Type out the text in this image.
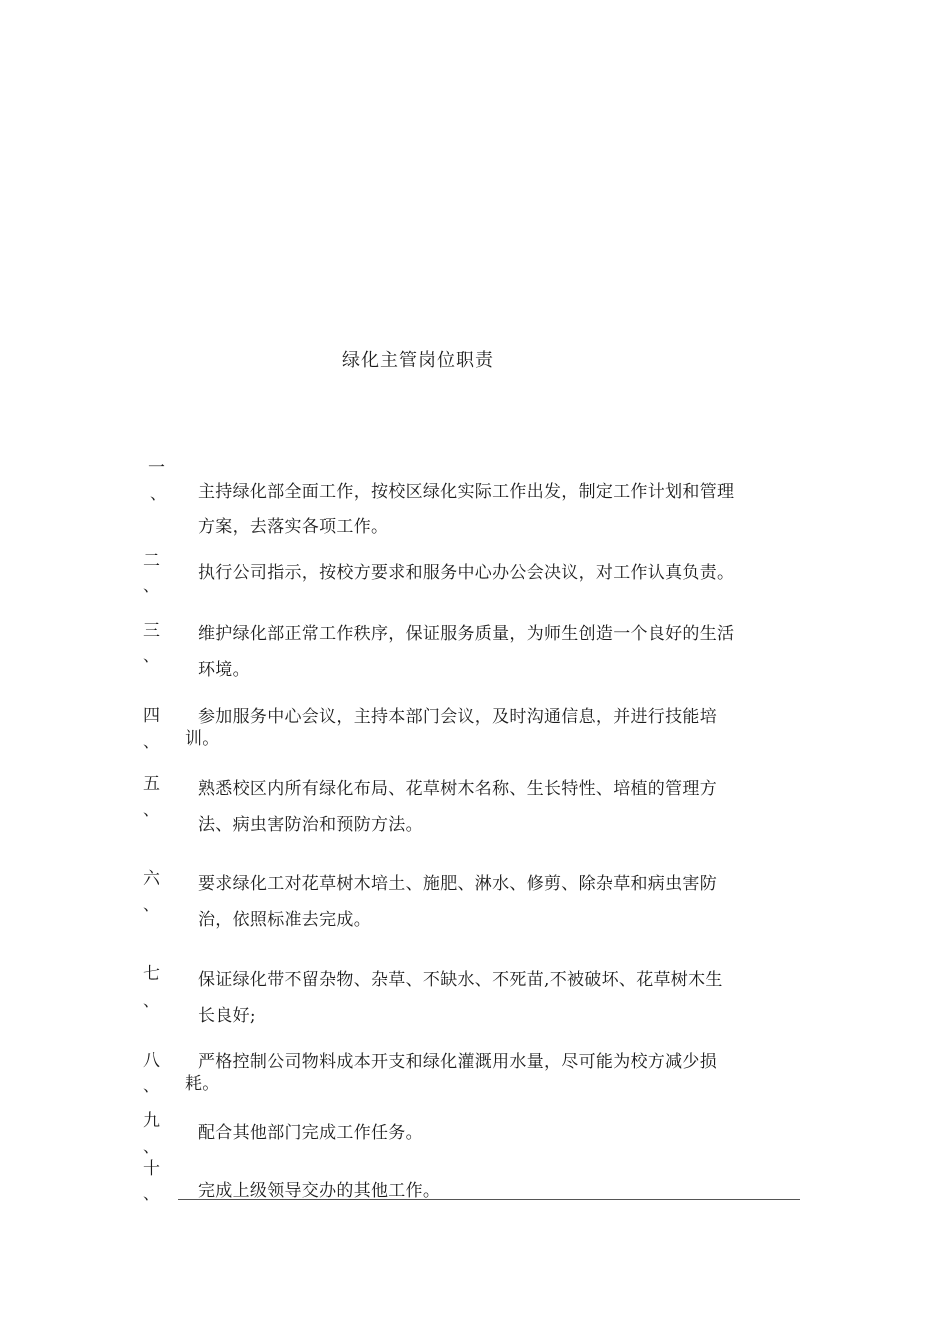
绿化主管岗位职责
一
、 主持绿化部全面工作，按校区绿化实际工作出发，制定工作计划和管理
方案，去落实各项工作。
二
、
执行公司指示，按校方要求和服务中心办公会决议，对工作认真负责。
三
、
维护绿化部正常工作秩序，保证服务质量，为师生创造一个良好的生活
环境。
四
、
参加服务中心会议，主持本部门会议，及时沟通信息，并进行技能培
训。
五
、
熟悉校区内所有绿化布局、花草树木名称、生长特性、培植的管理方
法、病虫害防治和预防方法。
六
、
要求绿化工对花草树木培土、施肥、淋水、修剪、除杂草和病虫害防
治，依照标准去完成。
七
、
保证绿化带不留杂物、杂草、不缺水、不死苗,不被破坏、花草树木生
长良好;
八
、
严格控制公司物料成本开支和绿化灌溉用水量，尽可能为校方减少损
耗。
九
、
配合其他部门完成工作任务。
十
、 完成上级领导交办的其他工作。
